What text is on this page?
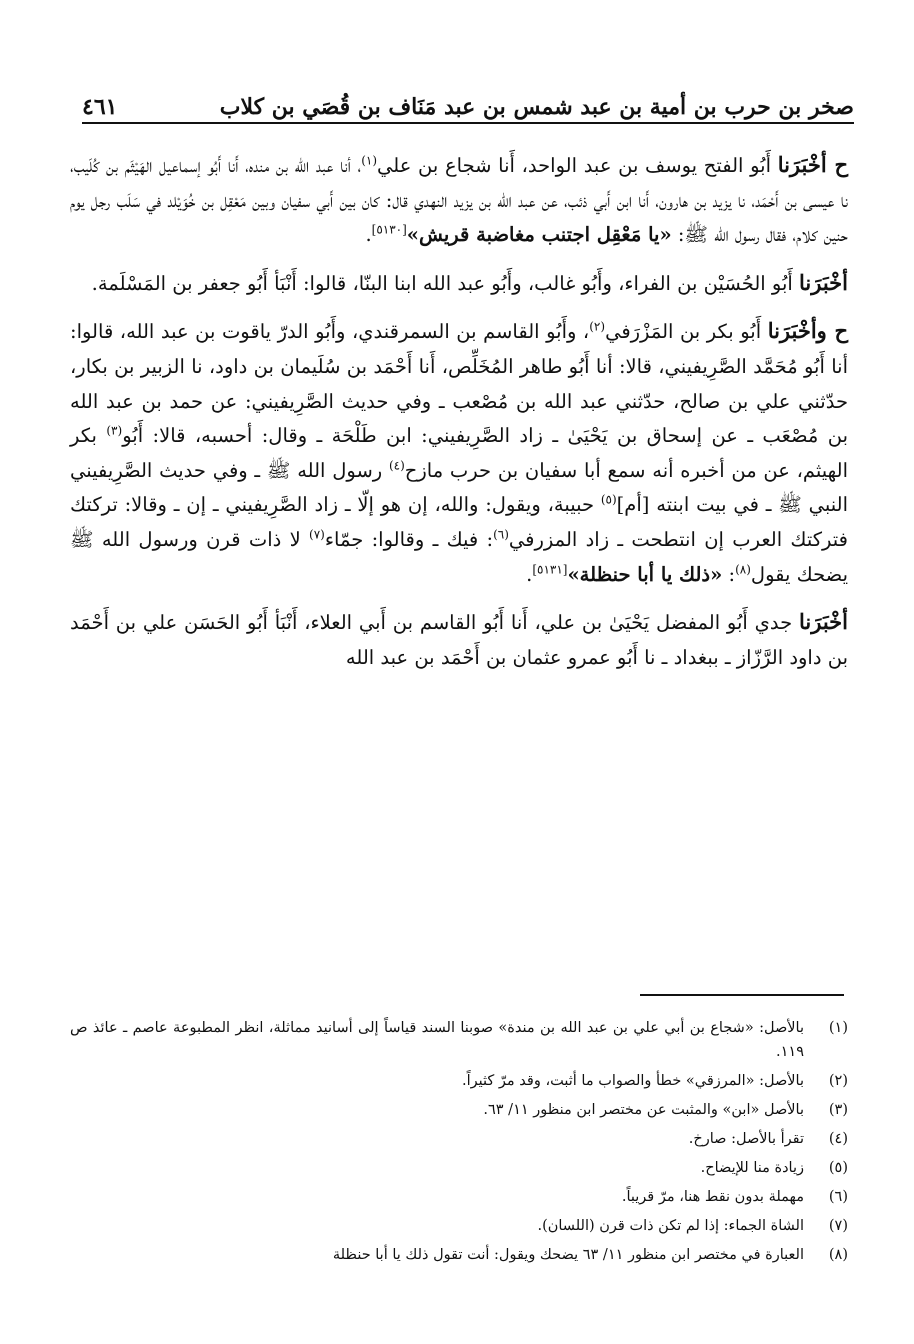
صخر بن حرب بن أمية بن عبد شمس بن عبد مَنَاف بن قُصَي بن كلاب
٤٦١

ح أخْبَرَنا أَبُو الفتح يوسف بن عبد الواحد، أَنا شجاع بن علي$^{(١)}$، أنا عبد الله بن منده، أَنا أَبُو إسماعيل الهَيْثَم بن كُلَيب، نا عيسى بن أَحْمَد، نا يزيد بن هارون، أَنا ابن أَبي ذئب، عن عبد الله بن يزيد النهدي قال: كان بين أَبي سفيان وبين مَعْقِل بن خُوَيْلد في سَلَب رجل يوم حنين كلام، فقال رسول الله ﷺ: «يا مَعْقِل اجتنب مغاضبة قريش»[٥١٣٠].

أخْبَرَنا أَبُو الحُسَيْن بن الفراء، وأَبُو غالب، وأَبُو عبد الله ابنا البنّا، قالوا: أَنْبَأ أَبُو جعفر بن المَسْلَمة.

ح وأخْبَرَنا أَبُو بكر بن المَزْرَفي$^{(٢)}$، وأَبُو القاسم بن السمرقندي، وأَبُو الدرّ ياقوت بن عبد الله، قالوا: أنا أَبُو مُحَمَّد الصَّرِيفيني، قالا: أنا أَبُو طاهر المُخَلِّص، أَنا أَحْمَد بن سُلَيمان بن داود، نا الزبير بن بكار، حدّثني علي بن صالح، حدّثني عبد الله بن مُصْعب ـ وفي حديث الصَّرِيفيني: عن حمد بن عبد الله بن مُصْعَب ـ عن إسحاق بن يَحْيَىٰ ـ زاد الصَّرِيفيني: ابن طَلْحَة ـ وقال: أحسبه، قالا: أَبُو$^{(٣)}$ بكر الهيثم، عن من أخبره أنه سمع أبا سفيان بن حرب مازح$^{(٤)}$ رسول الله ﷺ ـ وفي حديث الصَّرِيفيني النبي ﷺ ـ في بيت ابنته [أم]$^{(٥)}$ حبيبة، ويقول: والله، إن هو إلّا ـ زاد الصَّرِيفيني ـ إن ـ وقالا: تركتك فتركتك العرب إن انتطحت ـ زاد المزرفي$^{(٦)}$: فيك ـ وقالوا: جمّاء$^{(٧)}$ لا ذات قرن ورسول الله ﷺ يضحك يقول$^{(٨)}$: «ذلك يا أبا حنظلة»[٥١٣١].

أخْبَرَنا جدي أَبُو المفضل يَحْيَىٰ بن علي، أَنا أَبُو القاسم بن أَبي العلاء، أَنْبَأ أَبُو الحَسَن علي بن أَحْمَد بن داود الرَّزّاز ـ ببغداد ـ نا أَبُو عمرو عثمان بن أَحْمَد بن عبد الله

(١)
بالأصل: «شجاع بن أبي علي بن عبد الله بن مندة» صوبنا السند قياساً إلى أسانيد مماثلة، انظر المطبوعة عاصم ـ عائذ ص ١١٩.
(٢)
بالأصل: «المرزقي» خطأ والصواب ما أثبت، وقد مرّ كثيراً.
(٣)
بالأصل «ابن» والمثبت عن مختصر ابن منظور ١١/ ٦٣.
(٤)
تقرأ بالأصل: صارخ.
(٥)
زيادة منا للإيضاح.
(٦)
مهملة بدون نقط هنا، مرّ قريباً.
(٧)
الشاة الجماء: إذا لم تكن ذات قرن (اللسان).
(٨)
العبارة في مختصر ابن منظور ١١/ ٦٣ يضحك ويقول: أنت تقول ذلك يا أبا حنظلة
